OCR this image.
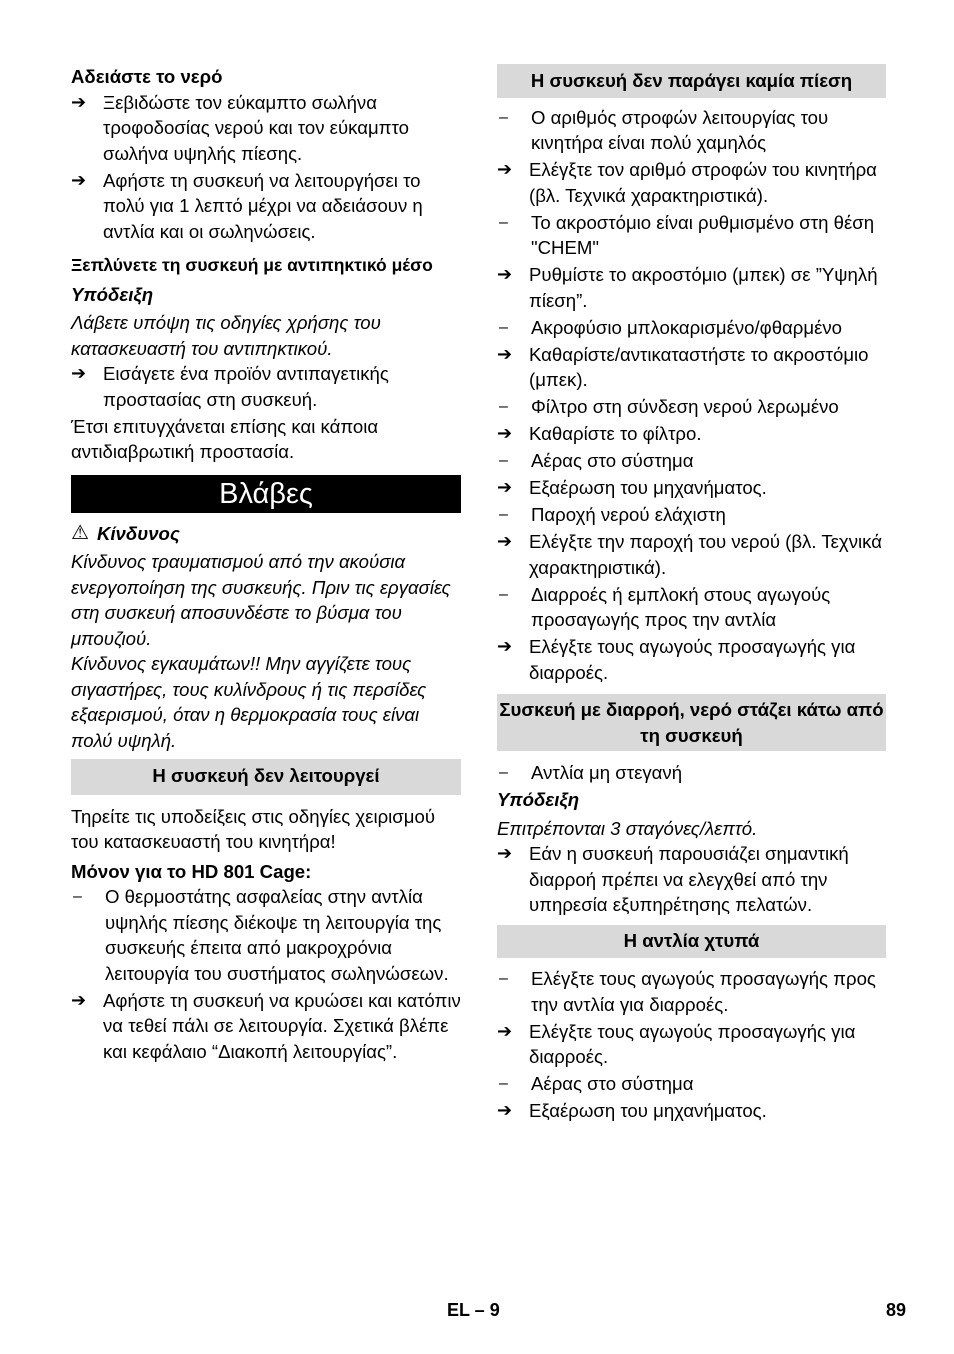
Αδειάστε το νερό

➔ Ξεβιδώστε τον εύκαμπτο σωλήνα τροφοδοσίας νερού και τον εύκαμπτο σωλήνα υψηλής πίεσης.
➔ Αφήστε τη συσκευή να λειτουργήσει το πολύ για 1 λεπτό μέχρι να αδειάσουν η αντλία και οι σωληνώσεις.

Ξεπλύνετε τη συσκευή με αντιπηκτικό μέσο

Υπόδειξη

Λάβετε υπόψη τις οδηγίες χρήσης του κατασκευαστή του αντιπηκτικού.

➔ Εισάγετε ένα προϊόν αντιπαγετικής προστασίας στη συσκευή.

Έτσι επιτυγχάνεται επίσης και κάποια αντιδιαβρωτική προστασία.

Βλάβες
⚠ Κίνδυνος

Κίνδυνος τραυματισμού από την ακούσια ενεργοποίηση της συσκευής. Πριν τις εργασίες στη συσκευή αποσυνδέστε το βύσμα του μπουζιού.

Κίνδυνος εγκαυμάτων!! Μην αγγίζετε τους σιγαστήρες, τους κυλίνδρους ή τις περσίδες εξαερισμού, όταν η θερμοκρασία τους είναι πολύ υψηλή.

Η συσκευή δεν λειτουργεί

Τηρείτε τις υποδείξεις στις οδηγίες χειρισμού του κατασκευαστή του κινητήρα!

Μόνον για το HD 801 Cage:

–	Ο θερμοστάτης ασφαλείας στην αντλία υψηλής πίεσης διέκοψε τη λειτουργία της συσκευής έπειτα από μακροχρόνια λειτουργία του συστήματος σωληνώσεων.
➔ Αφήστε τη συσκευή να κρυώσει και κατόπιν να τεθεί πάλι σε λειτουργία. Σχετικά βλέπε και κεφάλαιο “Διακοπή λειτουργίας”.
Η συσκευή δεν παράγει καμία πίεση
–	Ο αριθμός στροφών λειτουργίας του κινητήρα είναι πολύ χαμηλός
➔ Ελέγξτε τον αριθμό στροφών του κινητήρα (βλ. Τεχνικά χαρακτηριστικά).
–	Το ακροστόμιο είναι ρυθμισμένο στη θέση "CHEM"
➔ Ρυθμίστε το ακροστόμιο (μπεκ) σε ”Υψηλή πίεση”.
–	Ακροφύσιο μπλοκαρισμένο/φθαρμένο
➔ Καθαρίστε/αντικαταστήστε το ακροστόμιο (μπεκ).
–	Φίλτρο στη σύνδεση νερού λερωμένο
➔ Καθαρίστε το φίλτρο.
–	Αέρας στο σύστημα
➔ Εξαέρωση του μηχανήματος.
–	Παροχή νερού ελάχιστη
➔ Ελέγξτε την παροχή του νερού (βλ. Τεχνικά χαρακτηριστικά).
–	Διαρροές ή εμπλοκή στους αγωγούς προσαγωγής προς την αντλία
➔ Ελέγξτε τους αγωγούς προσαγωγής για διαρροές.
Συσκευή με διαρροή, νερό στάζει κάτω από τη συσκευή
–	Αντλία μη στεγανή

Υπόδειξη

Επιτρέπονται 3 σταγόνες/λεπτό.

➔ Εάν η συσκευή παρουσιάζει σημαντική διαρροή πρέπει να ελεγχθεί από την υπηρεσία εξυπηρέτησης πελατών.
Η αντλία χτυπά
–	Ελέγξτε τους αγωγούς προσαγωγής προς την αντλία για διαρροές.
➔ Ελέγξτε τους αγωγούς προσαγωγής για διαρροές.
–	Αέρας στο σύστημα
➔ Εξαέρωση του μηχανήματος.
EL – 9	89
